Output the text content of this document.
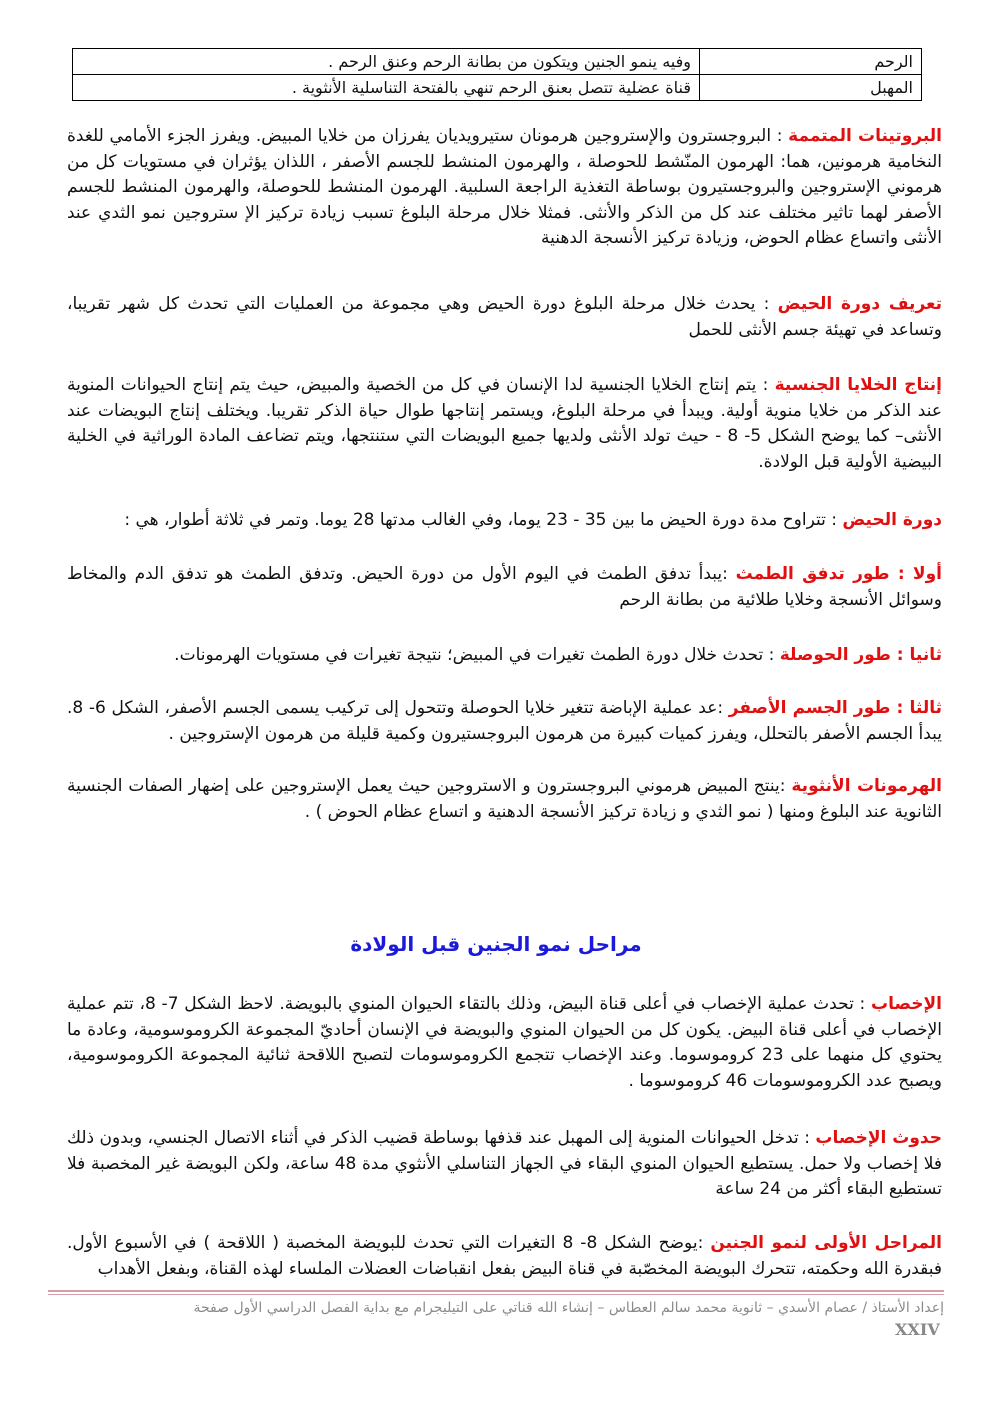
الرحم	وفيه ينمو الجنين ويتكون من بطانة الرحم وعنق الرحم .
المهبل	قناة عضلية تتصل بعنق الرحم تنهي بالفتحة التناسلية الأنثوية .
البروتينات المتممة : البروجسترون والإستروجين هرمونان ستيرويديان يفرزان من خلايا المبيض. ويفرز الجزء الأمامي للغدة النخامية هرمونين، هما: الهرمون المنّشط للحوصلة ، والهرمون المنشط للجسم الأصفر ، اللذان يؤثران في مستويات كل من هرموني الإستروجين والبروجستيرون بوساطة التغذية الراجعة السلبية. الهرمون المنشط للحوصلة، والهرمون المنشط للجسم الأصفر لهما تاثير مختلف عند كل من الذكر والأنثى. فمثلا خلال مرحلة البلوغ تسبب زيادة تركيز الإ ستروجين نمو الثدي عند الأنثى واتساع عظام الحوض، وزيادة تركيز الأنسجة الدهنية
تعريف دورة الحيض : يحدث خلال مرحلة البلوغ دورة الحيض وهي مجموعة من العمليات التي تحدث كل شهر تقريبا، وتساعد في تهيئة جسم الأنثى للحمل
إنتاج الخلايا الجنسية : يتم إنتاج الخلايا الجنسية لدا الإنسان في كل من الخصية والمبيض، حيث يتم إنتاج الحيوانات المنوية عند الذكر من خلايا منوية أولية. ويبدأ في مرحلة البلوغ، ويستمر إنتاجها طوال حياة الذكر تقريبا. ويختلف إنتاج البويضات عند الأنثى– كما يوضح الشكل 5- 8 - حيث تولد الأنثى ولديها جميع البويضات التي ستنتجها، ويتم تضاعف المادة الوراثية في الخلية البيضية الأولية قبل الولادة.
دورة الحيض : تتراوح مدة دورة الحيض ما بين 35 - 23 يوما، وفي الغالب مدتها 28 يوما. وتمر في ثلاثة أطوار، هي :
أولا : طور تدفق الطمث :يبدأ تدفق الطمث في اليوم الأول من دورة الحيض. وتدفق الطمث هو تدفق الدم والمخاط وسوائل الأنسجة وخلايا طلائية من بطانة الرحم
ثانيا : طور الحوصلة : تحدث خلال دورة الطمث تغيرات في المبيض؛ نتيجة تغيرات في مستويات الهرمونات.
ثالثا : طور الجسم الأصفر :عد عملية الإباضة تتغير خلايا الحوصلة وتتحول إلى تركيب يسمى الجسم الأصفر، الشكل 6- 8. يبدأ الجسم الأصفر بالتحلل، ويفرز كميات كبيرة من هرمون البروجستيرون وكمية قليلة من هرمون الإستروجين .
الهرمونات الأنثوية :ينتج المبيض هرموني البروجسترون و الاستروجين حيث يعمل الإستروجين على إضهار الصفات الجنسية الثانوية عند البلوغ ومنها ( نمو الثدي و زيادة تركيز الأنسجة الدهنية و اتساع عظام الحوض ) .
مراحل نمو الجنين قبل الولادة
الإخصاب : تحدث عملية الإخصاب في أعلى قناة البيض، وذلك بالتقاء الحيوان المنوي بالبويضة. لاحظ الشكل 7- 8، تتم عملية الإخصاب في أعلى قناة البيض. يكون كل من الحيوان المنوي والبويضة في الإنسان أحاديّ المجموعة الكروموسومية، وعادة ما يحتوي كل منهما على 23 كروموسوما. وعند الإخصاب تتجمع الكروموسومات لتصبح اللاقحة ثنائية المجموعة الكروموسومية، ويصبح عدد الكروموسومات 46 كروموسوما .
حدوث الإخصاب : تدخل الحيوانات المنوية إلى المهبل عند قذفها بوساطة قضيب الذكر في أثناء الاتصال الجنسي، وبدون ذلك فلا إخصاب ولا حمل. يستطيع الحيوان المنوي البقاء في الجهاز التناسلي الأنثوي مدة 48 ساعة، ولكن البويضة غير المخصبة فلا تستطيع البقاء أكثر من 24 ساعة
المراحل الأولى لنمو الجنين :يوضح الشكل 8- 8 التغيرات التي تحدث للبويضة المخصبة ( اللاقحة ) في الأسبوع الأول. فبقدرة الله وحكمته، تتحرك البويضة المخصّبة في قناة البيض بفعل انقباضات العضلات الملساء لهذه القناة، وبفعل الأهداب
إعداد الأستاذ / عصام الأسدي – ثانوية محمد سالم العطاس – إنشاء الله قناتي على التيليجرام مع بداية الفصل الدراسي الأول صفحة
XXIV
